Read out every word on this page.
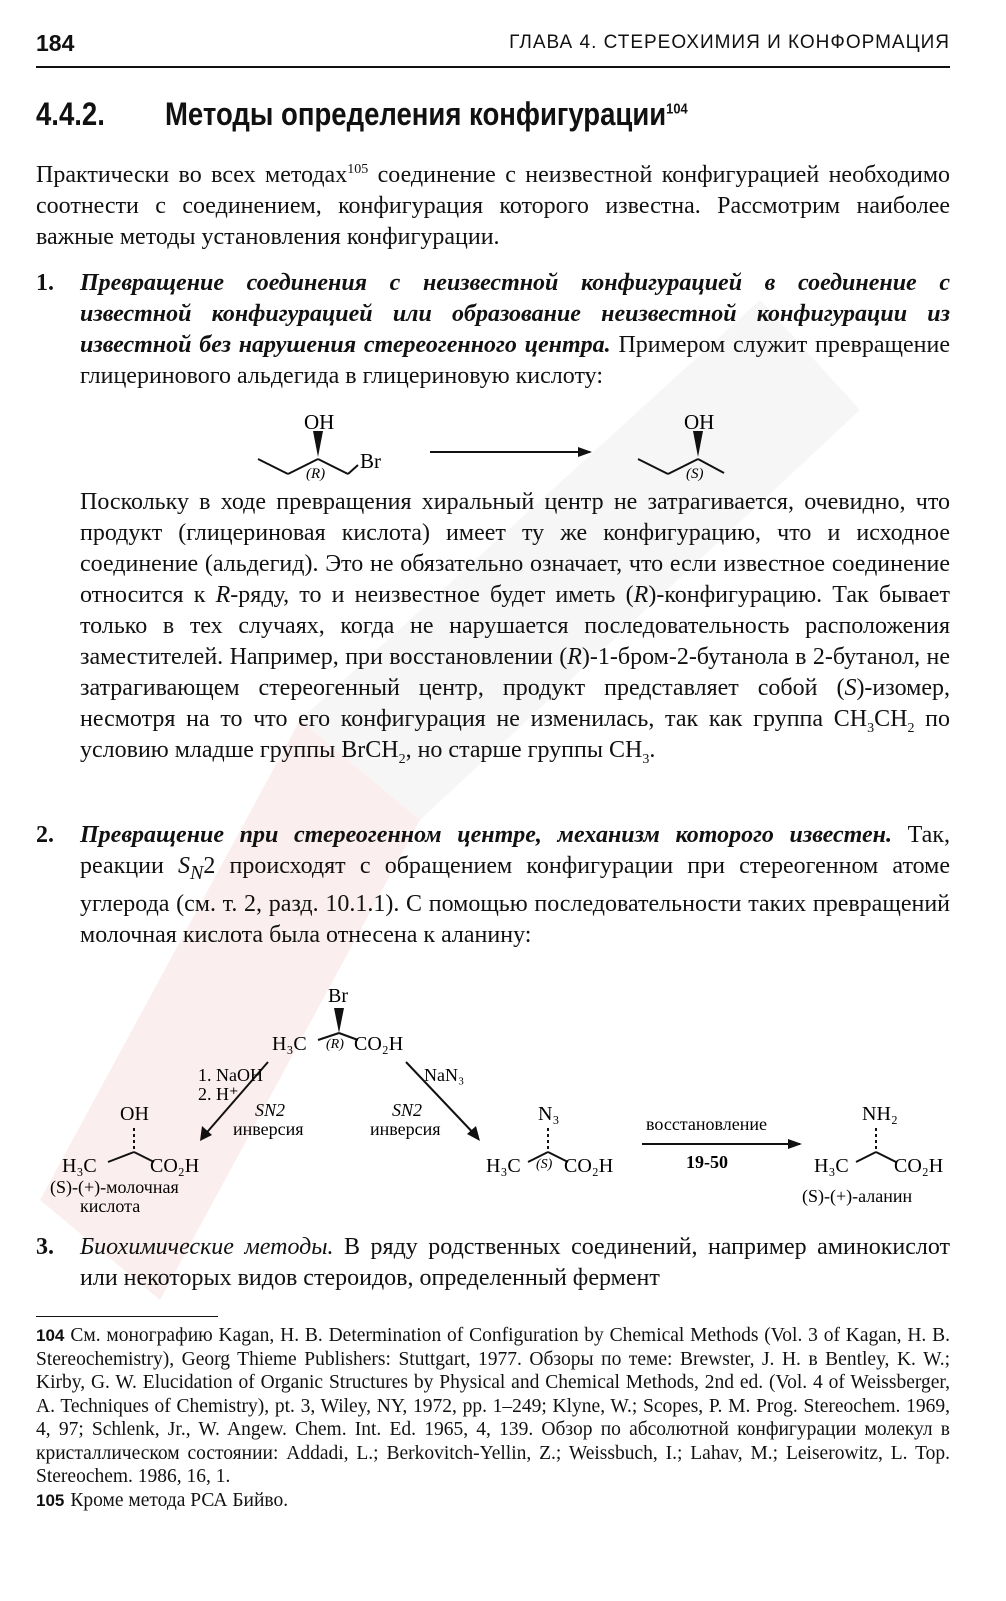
184	ГЛАВА 4. СТЕРЕОХИМИЯ И КОНФОРМАЦИЯ
4.4.2. Методы определения конфигурации$^{104}$
Практически во всех методах$^{105}$ соединение с неизвестной конфигурацией необходимо соотнести с соединением, конфигурация которого известна. Рассмотрим наиболее важные методы установления конфигурации.
1. Превращение соединения с неизвестной конфигурацией в соединение с известной конфигурацией или образование неизвестной конфигурации из известной без нарушения стереогенного центра. Примером служит превращение глицеринового альдегида в глицериновую кислоту:
OH
Br
(R)
OH
(S)
Поскольку в ходе превращения хиральный центр не затрагивается, очевидно, что продукт (глицериновая кислота) имеет ту же конфигурацию, что и исходное соединение (альдегид). Это не обязательно означает, что если известное соединение относится к R-ряду, то и неизвестное будет иметь (R)-конфигурацию. Так бывает только в тех случаях, когда не нарушается последовательность расположения заместителей. Например, при восстановлении (R)-1-бром-2-бутанола в 2-бутанол, не затрагивающем стереогенный центр, продукт представляет собой (S)-изомер, несмотря на то что его конфигурация не изменилась, так как группа $CH_3CH_2$ по условию младше группы BrCH$_2$, но старше группы $CH_3$.
2. Превращение при стереогенном центре, механизм которого известен. Так, реакции $S_N2$ происходят с обращением конфигурации при стереогенном атоме углерода (см. т. 2, разд. 10.1.1). С помощью последовательности таких превращений молочная кислота была отнесена к аланину:
Br
H₃C (R) CO₂H
1. NaOH
2. H⁺
SN2
инверсия
NaN₃
SN2
инверсия
OH
H₃C	CO₂H
(S)-(+)-молочная
кислота
N₃
H₃C (S) CO₂H
восстановление
19-50
NH₂
H₃C CO₂H
(S)-(+)-аланин
3. Биохимические методы. В ряду родственных соединений, например аминокислот или некоторых видов стероидов, определенный фермент

104 См. монографию Kagan, H. B. Determination of Configuration by Chemical Methods (Vol. 3 of Kagan, H. B. Stereochemistry), Georg Thieme Publishers: Stuttgart, 1977. Обзоры по теме: Brewster, J. H. в Bentley, K. W.; Kirby, G. W. Elucidation of Organic Structures by Physical and Chemical Methods, 2nd ed. (Vol. 4 of Weissberger, A. Techniques of Chemistry), pt. 3, Wiley, NY, 1972, pp. 1–249; Klyne, W.; Scopes, P. M. Prog. Stereochem. 1969, 4, 97; Schlenk, Jr., W. Angew. Chem. Int. Ed. 1965, 4, 139. Обзор по абсолютной конфигурации молекул в кристаллическом состоянии: Addadi, L.; Berkovitch-Yellin, Z.; Weissbuch, I.; Lahav, M.; Leiserowitz, L. Top. Stereochem. 1986, 16, 1.

105 Кроме метода РСА Бийво.
